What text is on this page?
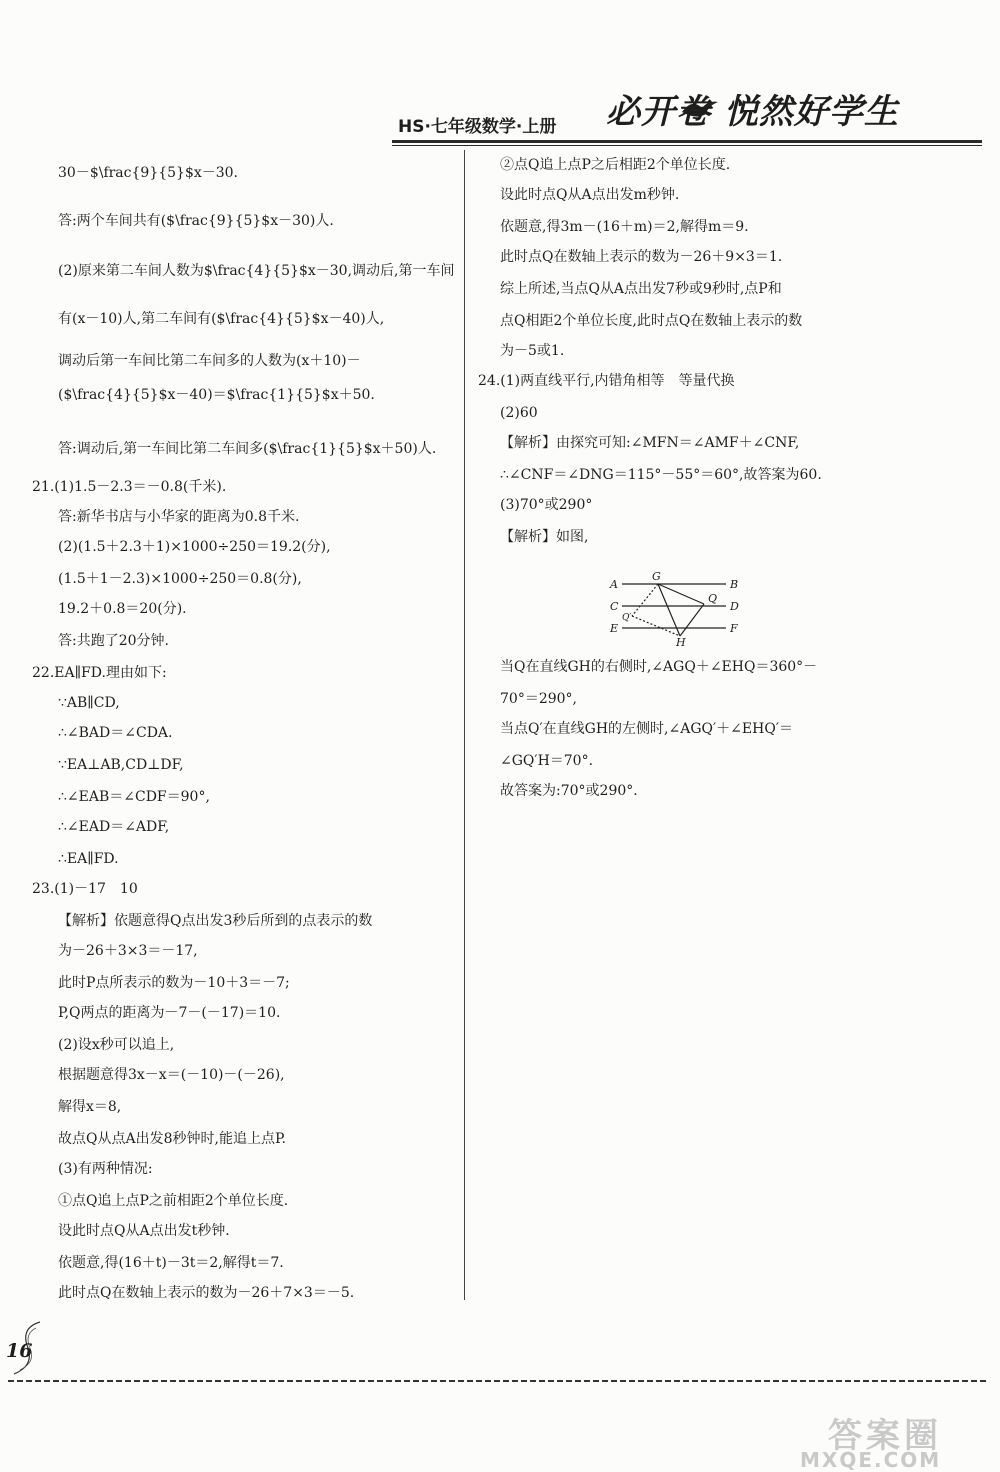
HS·七年级数学·上册 必开卷 悦然好学生
30－$\frac{9}{5}$x－30.
答:两个车间共有($\frac{9}{5}$x－30)人.
(2)原来第二车间人数为$\frac{4}{5}$x－30,调动后,第一车间
有(x－10)人,第二车间有($\frac{4}{5}$x－40)人,
调动后第一车间比第二车间多的人数为(x＋10)－
($\frac{4}{5}$x－40)＝$\frac{1}{5}$x＋50.
答:调动后,第一车间比第二车间多($\frac{1}{5}$x＋50)人.
21.(1)1.5－2.3＝－0.8(千米).
答:新华书店与小华家的距离为0.8千米.
(2)(1.5＋2.3＋1)×1000÷250＝19.2(分),
(1.5＋1－2.3)×1000÷250＝0.8(分),
19.2＋0.8＝20(分).
答:共跑了20分钟.
22.EA∥FD.理由如下:
∵AB∥CD,
∴∠BAD＝∠CDA.
∵EA⊥AB,CD⊥DF,
∴∠EAB＝∠CDF＝90°,
∴∠EAD＝∠ADF,
∴EA∥FD.
23.(1)－17　10
【解析】依题意得Q点出发3秒后所到的点表示的数
为－26＋3×3＝－17,
此时P点所表示的数为－10＋3＝－7;
P,Q两点的距离为－7－(－17)＝10.
(2)设x秒可以追上,
根据题意得3x－x＝(－10)－(－26),
解得x＝8,
故点Q从点A出发8秒钟时,能追上点P.
(3)有两种情况:
①点Q追上点P之前相距2个单位长度.
设此时点Q从A点出发t秒钟.
依题意,得(16＋t)－3t＝2,解得t＝7.
此时点Q在数轴上表示的数为－26＋7×3＝－5.
②点Q追上点P之后相距2个单位长度.
设此时点Q从A点出发m秒钟.
依题意,得3m－(16＋m)＝2,解得m＝9.
此时点Q在数轴上表示的数为－26＋9×3＝1.
综上所述,当点Q从A点出发7秒或9秒时,点P和
点Q相距2个单位长度,此时点Q在数轴上表示的数
为－5或1.
24.(1)两直线平行,内错角相等　等量代换
(2)60
【解析】由探究可知:∠MFN＝∠AMF＋∠CNF,
∴∠CNF＝∠DNG＝115°－55°＝60°,故答案为60.
(3)70°或290°
【解析】如图,
A
G
B
C
Q
D
Q′
E
H
F
当Q在直线GH的右侧时,∠AGQ＋∠EHQ＝360°－
70°＝290°,
当点Q′在直线GH的左侧时,∠AGQ′＋∠EHQ′＝
∠GQ′H＝70°.
故答案为:70°或290°.
16
答案圈
MXQE.COM
